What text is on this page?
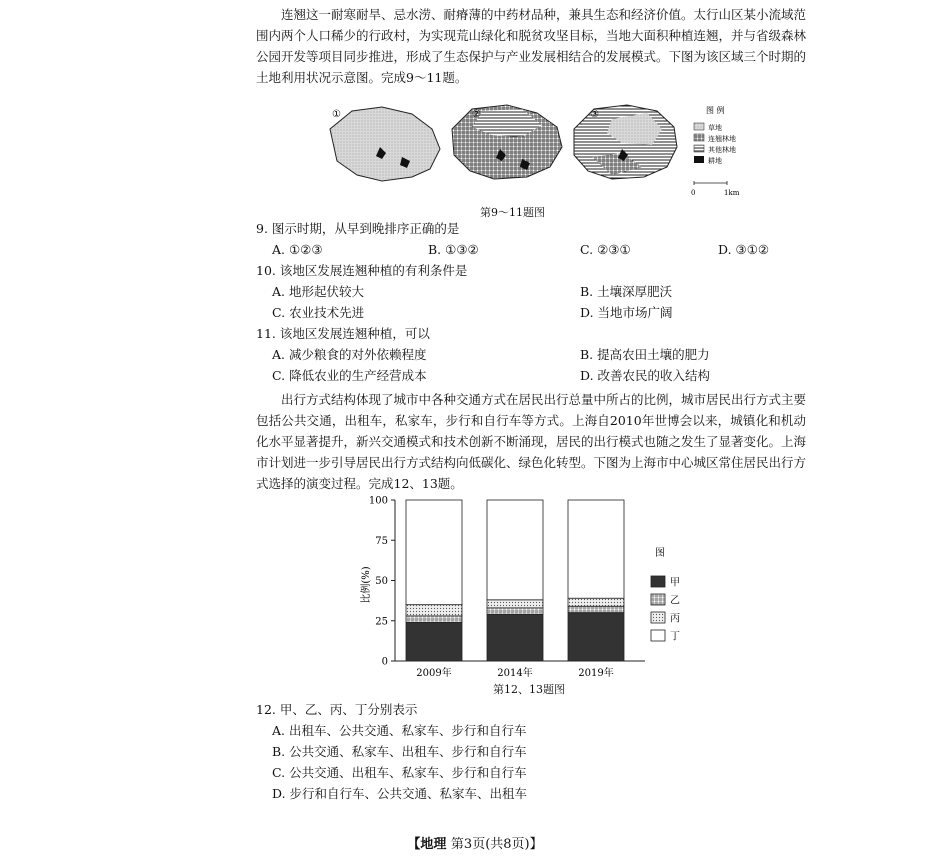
连翘这一耐寒耐旱、忌水涝、耐瘠薄的中药材品种，兼具生态和经济价值。太行山区某小流域范围内两个人口稀少的行政村，为实现荒山绿化和脱贫攻坚目标，当地大面积种植连翘，并与省级森林公园开发等项目同步推进，形成了生态保护与产业发展相结合的发展模式。下图为该区域三个时期的土地利用状况示意图。完成9～11题。

①	②	③	图 例
草地
连翘林地
其他林地
耕地
0	1km
第9～11题图
9. 图示时期，从早到晚排序正确的是
A. ①②③	B. ①③②	C. ②③①	D. ③①②
10. 该地区发展连翘种植的有利条件是
A. 地形起伏较大	B. 土壤深厚肥沃
C. 农业技术先进	D. 当地市场广阔
11. 该地区发展连翘种植，可以
A. 减少粮食的对外依赖程度	B. 提高农田土壤的肥力
C. 降低农业的生产经营成本	D. 改善农民的收入结构

出行方式结构体现了城市中各种交通方式在居民出行总量中所占的比例，城市居民出行方式主要包括公共交通，出租车，私家车，步行和自行车等方式。上海自2010年世博会以来，城镇化和机动化水平显著提升，新兴交通模式和技术创新不断涌现，居民的出行模式也随之发生了显著变化。上海市计划进一步引导居民出行方式结构向低碳化、绿色化转型。下图为上海市中心城区常住居民出行方式选择的演变过程。完成12、13题。

0
25
50
75
100
2009年	2014年	2019年
比例(%)
图
甲
乙
丙
丁
第12、13题图
12. 甲、乙、丙、丁分别表示
A. 出租车、公共交通、私家车、步行和自行车
B. 公共交通、私家车、出租车、步行和自行车
C. 公共交通、出租车、私家车、步行和自行车
D. 步行和自行车、公共交通、私家车、出租车
【地理 第3页(共8页)】
